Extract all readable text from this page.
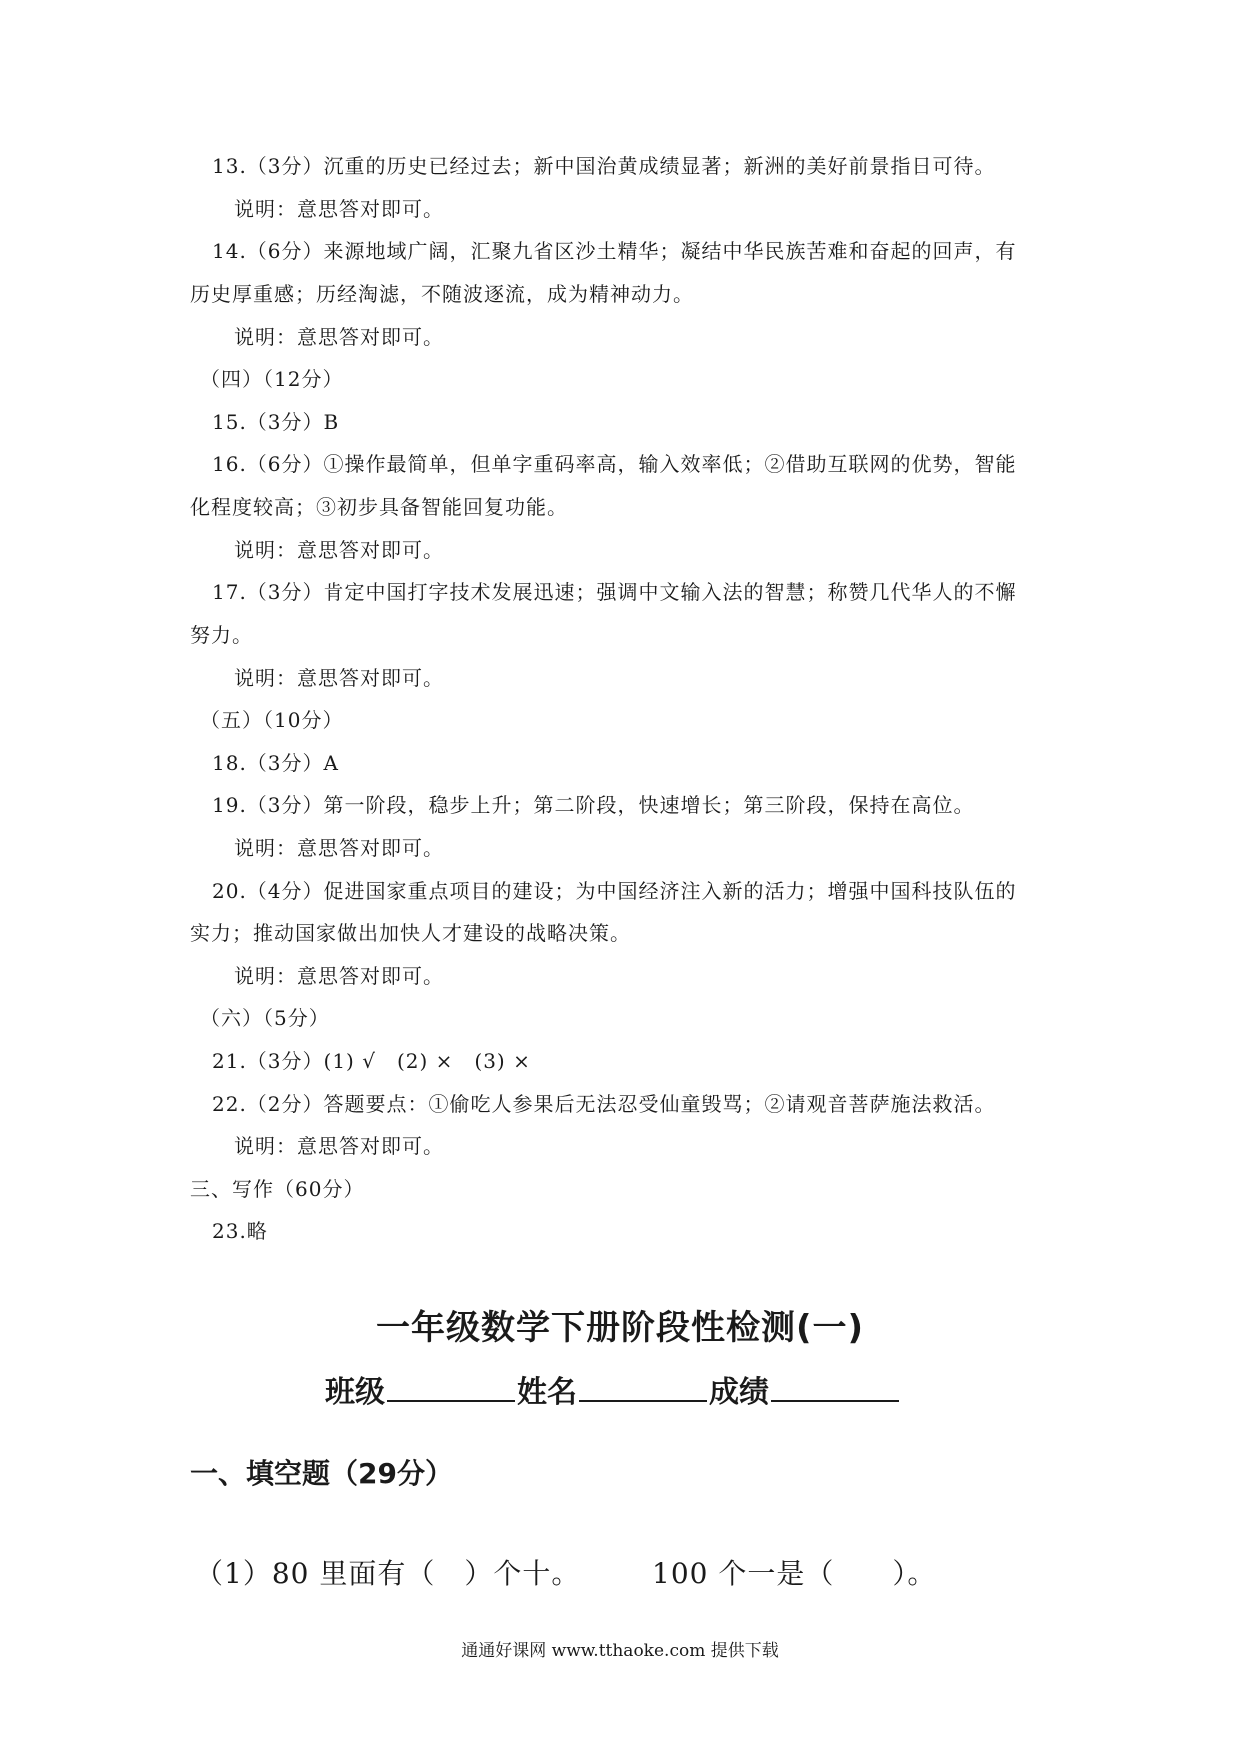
13.（3分）沉重的历史已经过去；新中国治黄成绩显著；新洲的美好前景指日可待。
说明：意思答对即可。
14.（6分）来源地域广阔，汇聚九省区沙土精华；凝结中华民族苦难和奋起的回声，有
历史厚重感；历经淘滤，不随波逐流，成为精神动力。
说明：意思答对即可。
（四）（12分）
15.（3分）B
16.（6分）①操作最简单，但单字重码率高，输入效率低；②借助互联网的优势，智能
化程度较高；③初步具备智能回复功能。
说明：意思答对即可。
17.（3分）肯定中国打字技术发展迅速；强调中文输入法的智慧；称赞几代华人的不懈
努力。
说明：意思答对即可。
（五）（10分）
18.（3分）A
19.（3分）第一阶段，稳步上升；第二阶段，快速增长；第三阶段，保持在高位。
说明：意思答对即可。
20.（4分）促进国家重点项目的建设；为中国经济注入新的活力；增强中国科技队伍的
实力；推动国家做出加快人才建设的战略决策。
说明：意思答对即可。
（六）（5分）
21.（3分）(1) √　(2) ×　(3) ×
22.（2分）答题要点：①偷吃人参果后无法忍受仙童毁骂；②请观音菩萨施法救活。
说明：意思答对即可。
三、写作（60分）
23.略
一年级数学下册阶段性检测(一)
班级	姓名	成绩
一、填空题（29分）
（1）80 里面有（　）个十。	100 个一是（　　）。
通通好课网 www.tthaoke.com 提供下载
